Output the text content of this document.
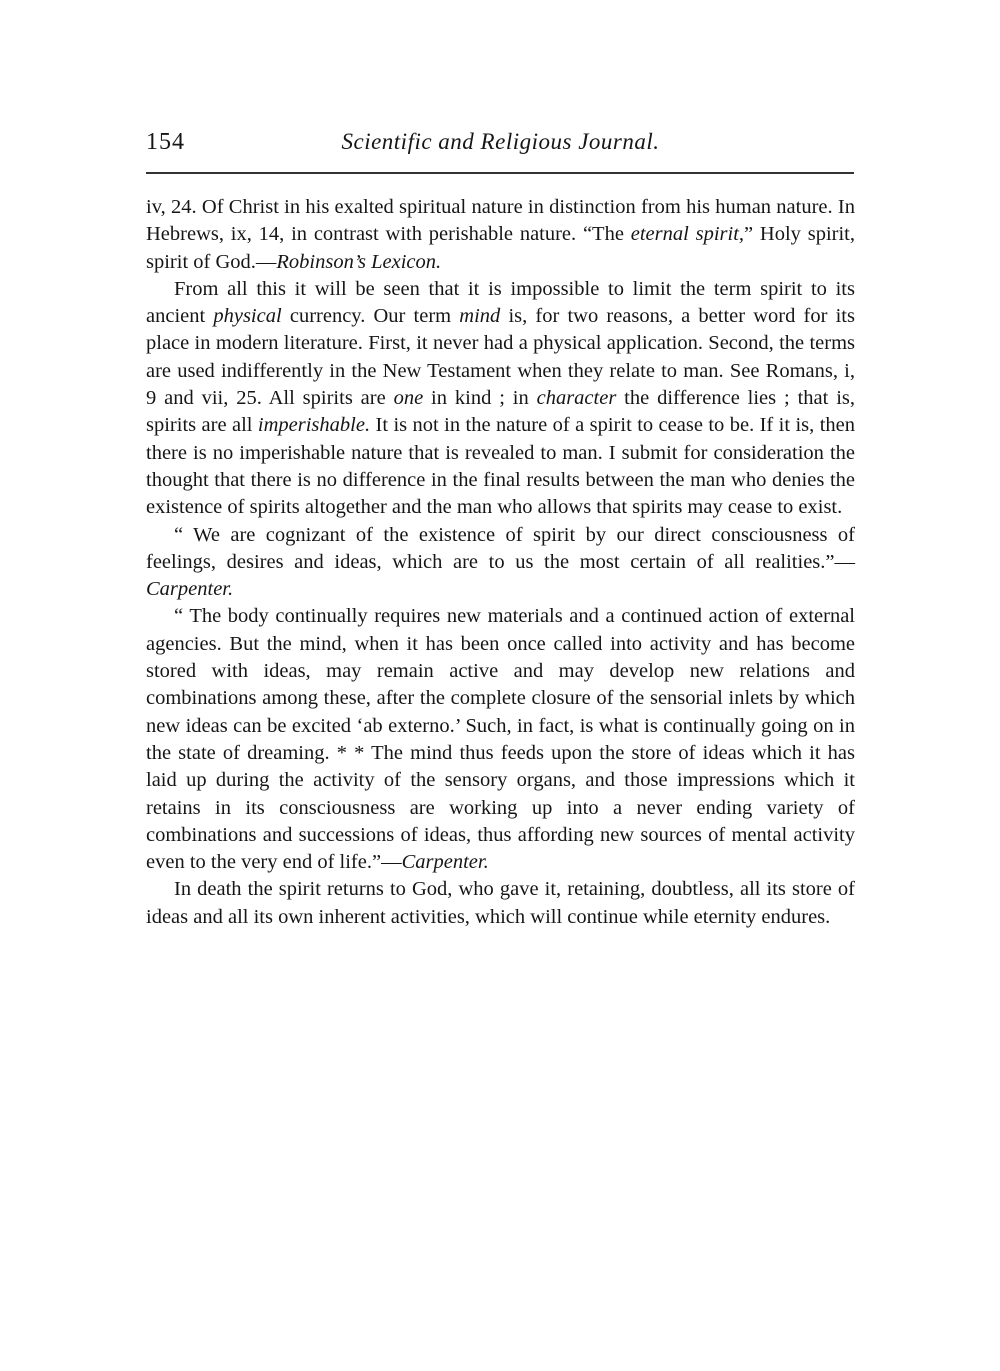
154	Scientific and Religious Journal.

iv, 24. Of Christ in his exalted spiritual nature in distinction from his human nature. In Hebrews, ix, 14, in contrast with perishable nature. “The eternal spirit,” Holy spirit, spirit of God.—Robinson’s Lexicon.

From all this it will be seen that it is impossible to limit the term spirit to its ancient physical currency. Our term mind is, for two reasons, a better word for its place in modern literature. First, it never had a physical application. Second, the terms are used indifferently in the New Testament when they relate to man. See Romans, i, 9 and vii, 25. All spirits are one in kind ; in character the difference lies ; that is, spirits are all imperishable. It is not in the nature of a spirit to cease to be. If it is, then there is no imperishable nature that is revealed to man. I submit for consideration the thought that there is no difference in the final results between the man who denies the existence of spirits altogether and the man who allows that spirits may cease to exist.

“ We are cognizant of the existence of spirit by our direct consciousness of feelings, desires and ideas, which are to us the most certain of all realities.”—Carpenter.

“ The body continually requires new materials and a continued action of external agencies. But the mind, when it has been once called into activity and has become stored with ideas, may remain active and may develop new relations and combinations among these, after the complete closure of the sensorial inlets by which new ideas can be excited ‘ab externo.’ Such, in fact, is what is continually going on in the state of dreaming. * * The mind thus feeds upon the store of ideas which it has laid up during the activity of the sensory organs, and those impressions which it retains in its consciousness are working up into a never ending variety of combinations and successions of ideas, thus affording new sources of mental activity even to the very end of life.”—Carpenter.

In death the spirit returns to God, who gave it, retaining, doubtless, all its store of ideas and all its own inherent activities, which will continue while eternity endures.
